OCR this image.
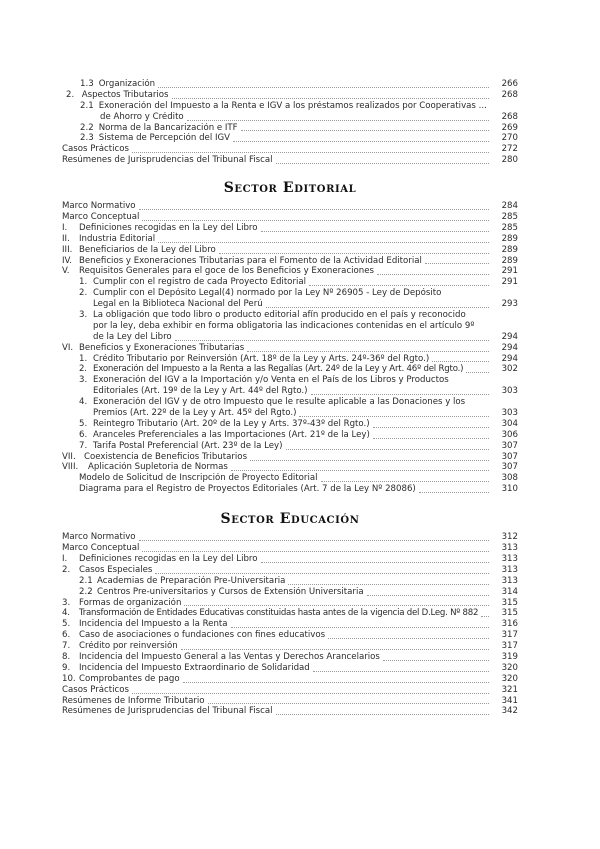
1.3 Organización	266
2. Aspectos Tributarios	268
2.1 Exoneración del Impuesto a la Renta e IGV a los préstamos realizados por Cooperativas ...
de Ahorro y Crédito	268
2.2 Norma de la Bancarización e ITF	269
2.3 Sistema de Percepción del IGV	270
Casos Prácticos	272
Resúmenes de Jurisprudencias del Tribunal Fiscal	280
Sector Editorial
Marco Normativo	284
Marco Conceptual	285
I. Definiciones recogidas en la Ley del Libro	285
II. Industria Editorial	289
III. Beneficiarios de la Ley del Libro	289
IV. Beneficios y Exoneraciones Tributarias para el Fomento de la Actividad Editorial	289
V. Requisitos Generales para el goce de los Beneficios y Exoneraciones	291
1. Cumplir con el registro de cada Proyecto Editorial	291
2. Cumplir con el Depósito Legal(4) normado por la Ley Nº 26905 - Ley de Depósito
Legal en la Biblioteca Nacional del Perú	293
3. La obligación que todo libro o producto editorial afín producido en el país y reconocido
por la ley, deba exhibir en forma obligatoria las indicaciones contenidas en el artículo 9º
de la Ley del Libro	294
VI. Beneficios y Exoneraciones Tributarias	294
1. Crédito Tributario por Reinversión (Art. 18º de la Ley y Arts. 24º-36º del Rgto.)	294
2. Exoneración del Impuesto a la Renta a las Regalías (Art. 24º de la Ley y Art. 46º del Rgto.)	302
3. Exoneración del IGV a la Importación y/o Venta en el País de los Libros y Productos
Editoriales (Art. 19º de la Ley y Art. 44º del Rgto.)	303
4. Exoneración del IGV y de otro Impuesto que le resulte aplicable a las Donaciones y los
Premios (Art. 22º de la Ley y Art. 45º del Rgto.)	303
5. Reintegro Tributario (Art. 20º de la Ley y Arts. 37º-43º del Rgto.)	304
6. Aranceles Preferenciales a las Importaciones (Art. 21º de la Ley)	306
7. Tarifa Postal Preferencial (Art. 23º de la Ley)	307
VII. Coexistencia de Beneficios Tributarios	307
VIII. Aplicación Supletoria de Normas	307
Modelo de Solicitud de Inscripción de Proyecto Editorial	308
Diagrama para el Registro de Proyectos Editoriales (Art. 7 de la Ley Nº 28086)	310
Sector Educación
Marco Normativo	312
Marco Conceptual	313
I. Definiciones recogidas en la Ley del Libro	313
2. Casos Especiales	313
2.1 Academias de Preparación Pre-Universitaria	313
2.2 Centros Pre-universitarios y Cursos de Extensión Universitaria	314
3. Formas de organización	315
4. Transformación de Entidades Educativas constituidas hasta antes de la vigencia del D.Leg. Nº 882	315
5. Incidencia del Impuesto a la Renta	316
6. Caso de asociaciones o fundaciones con fines educativos	317
7. Crédito por reinversión	317
8. Incidencia del Impuesto General a las Ventas y Derechos Arancelarios	319
9. Incidencia del Impuesto Extraordinario de Solidaridad	320
10. Comprobantes de pago	320
Casos Prácticos	321
Resúmenes de Informe Tributario	341
Resúmenes de Jurisprudencias del Tribunal Fiscal	342
